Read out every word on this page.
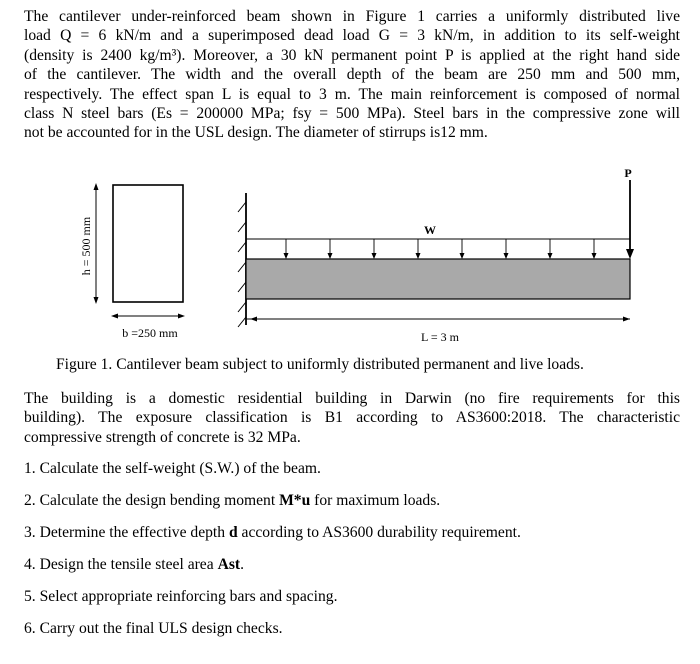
The cantilever under-reinforced beam shown in Figure 1 carries a uniformly distributed live
load Q = 6 kN/m and a superimposed dead load G = 3 kN/m, in addition to its self-weight
(density is 2400 kg/m³). Moreover, a 30 kN permanent point P is applied at the right hand side
of the cantilever. The width and the overall depth of the beam are 250 mm and 500 mm,
respectively. The effect span L is equal to 3 m. The main reinforcement is composed of normal
class N steel bars (Es = 200000 MPa; fsy = 500 MPa). Steel bars in the compressive zone will
not be accounted for in the USL design. The diameter of stirrups is12 mm.
h = 500 mm
b =250 mm
W
P
L = 3 m
Figure 1. Cantilever beam subject to uniformly distributed permanent and live loads.
The building is a domestic residential building in Darwin (no fire requirements for this
building). The exposure classification is B1 according to AS3600:2018. The characteristic
compressive strength of concrete is 32 MPa.
1. Calculate the self-weight (S.W.) of the beam.
2. Calculate the design bending moment M*u for maximum loads.
3. Determine the effective depth d according to AS3600 durability requirement.
4. Design the tensile steel area Ast.
5. Select appropriate reinforcing bars and spacing.
6. Carry out the final ULS design checks.
